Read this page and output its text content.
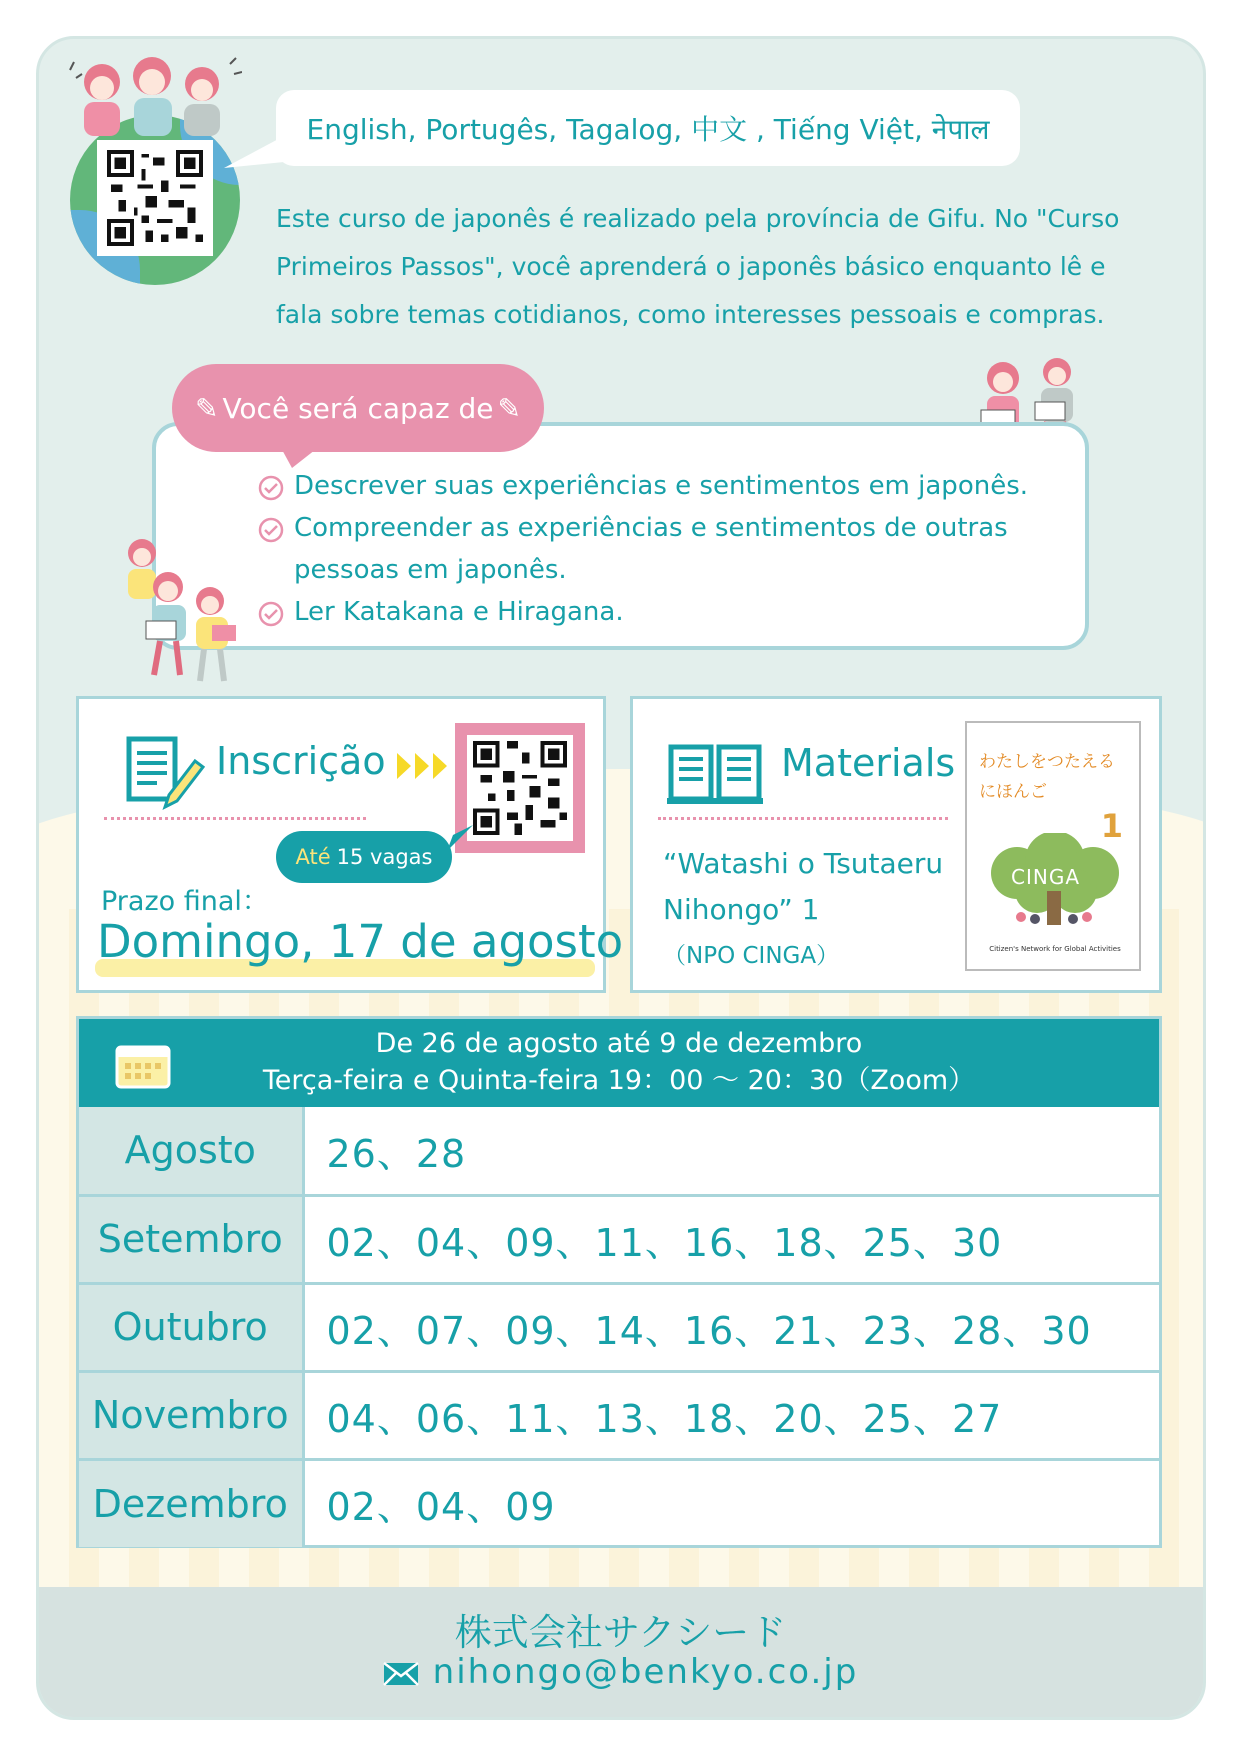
English, Portugês, Tagalog, 中文 , Tiếng Việt, नेपाल

Este curso de japonês é realizado pela província de Gifu. No "Curso Primeiros Passos", você aprenderá o japonês básico enquanto lê e fala sobre temas cotidianos, como interesses pessoais e compras.

✎ Você será capaz de ✎
Descrever suas experiências e sentimentos em japonês.
Compreender as experiências e sentimentos de outras
pessoas em japonês.
Ler Katakana e Hiragana.
Inscrição
Até 15 vagas
Prazo final：
Domingo, 17 de agosto
Materials
“Watashi o Tsutaeru
Nihongo” 1
（NPO CINGA）
わたしをつたえる
にほんご
1
CINGA
Citizen's Network for Global Activities
De 26 de agosto até 9 de dezembro
Terça-feira e Quinta-feira 19：00 ～ 20：30（Zoom）
Agosto	26、28
Setembro	02、04、09、11、16、18、25、30
Outubro	02、07、09、14、16、21、23、28、30
Novembro	04、06、11、13、18、20、25、27
Dezembro	02、04、09
株式会社サクシード
nihongo@benkyo.co.jp
